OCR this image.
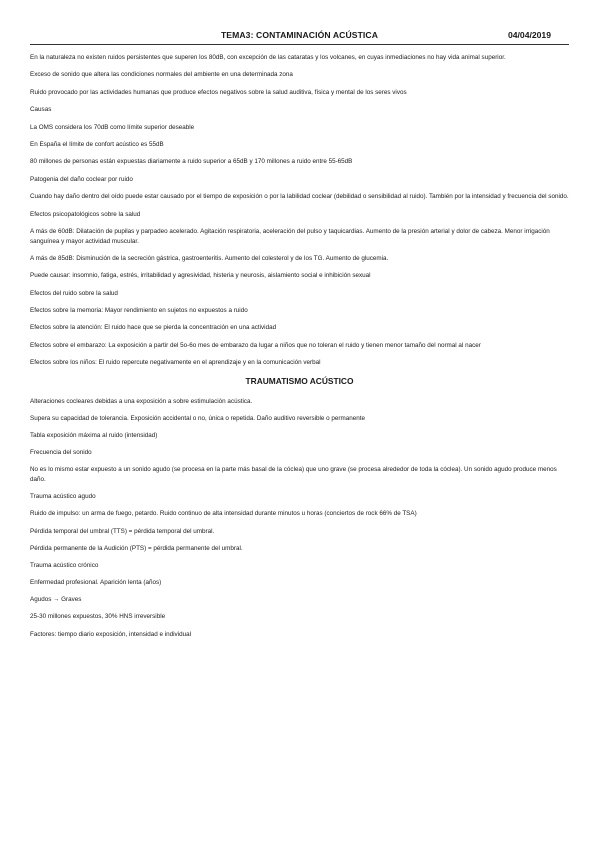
TEMA3: CONTAMINACIÓN ACÚSTICA	04/04/2019

En la naturaleza no existen ruidos persistentes que superen los 80dB, con excepción de las cataratas y los volcanes, en cuyas inmediaciones no hay vida animal superior.

Exceso de sonido que altera las condiciones normales del ambiente en una determinada zona

Ruido provocado por las actividades humanas que produce efectos negativos sobre la salud auditiva, física y mental de los seres vivos

Causas

La OMS considera los 70dB como límite superior deseable

En España el límite de confort acústico es 55dB

80 millones de personas están expuestas diariamente a ruido superior a 65dB y 170 millones a ruido entre 55-65dB

Patogenia del daño coclear por ruido

Cuando hay daño dentro del oído puede estar causado por el tiempo de exposición o por la labilidad coclear (debilidad o sensibilidad al ruido). También por la intensidad y frecuencia del sonido.

Efectos psicopatológicos sobre la salud

A más de 60dB: Dilatación de pupilas y parpadeo acelerado. Agitación respiratoria, aceleración del pulso y taquicardias. Aumento de la presión arterial y dolor de cabeza. Menor irrigación sanguínea y mayor actividad muscular.

A más de 85dB: Disminución de la secreción gástrica, gastroenteritis. Aumento del colesterol y de los TG. Aumento de glucemia.

Puede causar: insomnio, fatiga, estrés, irritabilidad y agresividad, histeria y neurosis, aislamiento social e inhibición sexual

Efectos del ruido sobre la salud

Efectos sobre la memoria: Mayor rendimiento en sujetos no expuestos a ruido

Efectos sobre la atención: El ruido hace que se pierda la concentración en una actividad

Efectos sobre el embarazo: La exposición a partir del 5o-6o mes de embarazo da lugar a niños que no toleran el ruido y tienen menor tamaño del normal al nacer

Efectos sobre los niños: El ruido repercute negativamente en el aprendizaje y en la comunicación verbal

TRAUMATISMO ACÚSTICO

Alteraciones cocleares debidas a una exposición a sobre estimulación acústica.

Supera su capacidad de tolerancia. Exposición accidental o no, única o repetida. Daño auditivo reversible o permanente

Tabla exposición máxima al ruido (intensidad)

Frecuencia del sonido

No es lo mismo estar expuesto a un sonido agudo (se procesa en la parte más basal de la cóclea) que uno grave (se procesa alrededor de toda la cóclea). Un sonido agudo produce menos daño.

Trauma acústico agudo

Ruido de impulso: un arma de fuego, petardo. Ruido continuo de alta intensidad durante minutos u horas (conciertos de rock 66% de TSA)

Pérdida temporal del umbral (TTS) = pérdida temporal del umbral.

Pérdida permanente de la Audición (PTS) = pérdida permanente del umbral.

Trauma acústico crónico

Enfermedad profesional. Aparición lenta (años)

Agudos → Graves

25-30 millones expuestos, 30% HNS irreversible

Factores: tiempo diario exposición, intensidad e individual
